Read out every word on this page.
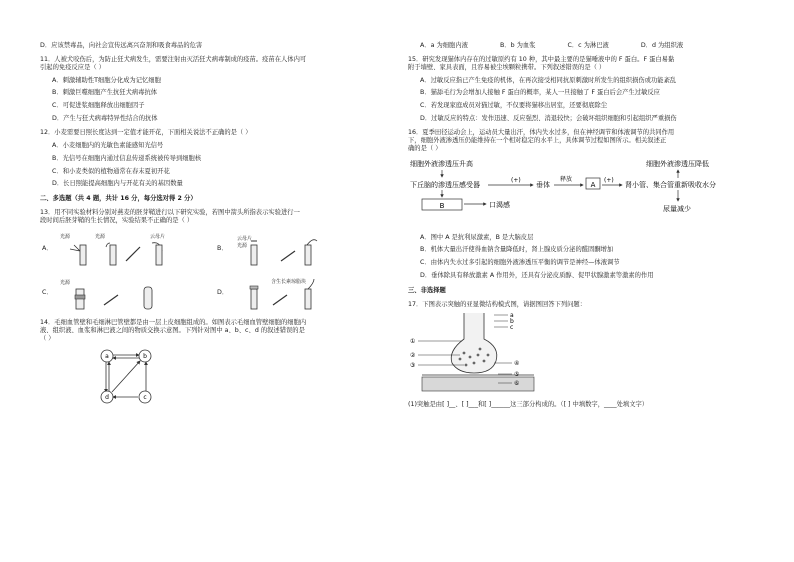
D．应该禁毒品，向社会宣传远离兴奋剂和吸食毒品的危害

11．人被犬咬伤后，为防止狂犬病发生，需要注射由灭活狂犬病毒制成的疫苗。疫苗在人体内可

引起的免疫反应是（ ）

A．刺激辅助性T细胞分化成为记忆细胞

B．刺激巨噬细胞产生抗狂犬病毒抗体

C．可促进浆细胞释放出细胞因子

D．产生与狂犬病毒特异性结合的抗体

12．小麦需要日照长度达到一定值才能开花，下面相关说法不正确的是（ ）

A．小麦细胞内的光敏色素能感知光信号

B．光信号在细胞内通过信息传递系统被传导到细胞核

C．和小麦类似的植物通常在春末夏初开花

D．长日照能提高细胞内与开花有关的基因数量

二、多选题（共 4 题，共计 16 分，每分选对得 2 分）

13．用不同实验材料分别对燕麦的胚芽鞘进行以下研究实验，若图中箭头所指表示实验进行一

段时间后胚芽鞘的生长情况，实验结果不正确的是（ ）

A．
光源	光源	云母片
B．
云母片
光源
C．
光源
D．
含生长素琼脂块

14．毛细血管壁和毛细淋巴管壁都是由一层上皮细胞组成的。如图表示毛细血管壁细胞的细胞内

液、组织液、血浆和淋巴液之间的物质交换示意图。下列针对图中 a、b、c、d 的叙述错误的是

（ ）

a	b
c
d
A．a 为细胞内液	B．b 为血浆	C．c 为淋巴液	D．d 为组织液

15．研究发现猫体内存在的过敏原约有 10 种，其中最主要的是猫唾液中的 F 蛋白。F 蛋白易黏

附于墙壁、家具表面，且容易被尘埃颗粒携带。下列叙述错误的是（ ）

A．过敏反应指已产生免疫的机体，在再次接受相同抗原刺激时所发生的组织损伤或功能紊乱

B．猫舔毛行为会增加人接触 F 蛋白的概率，某人一旦接触了 F 蛋白后会产生过敏反应

C．若发现家庭成员对猫过敏，不仅要将猫移出居室，还要彻底除尘

D．过敏反应的特点：发作迅速、反应强烈、消退较快；会破坏组织细胞和引起组织严重损伤

16．夏季田径运动会上，运动员大量出汗，体内失水过多，但在神经调节和体液调节的共同作用

下，细胞外液渗透压仍能维持在一个相对稳定的水平上，具体调节过程如图所示。相关叙述正

确的是（ ）

细胞外液渗透压升高
下丘脑的渗透压感受器
(+)
垂体
释放
A
(+)
肾小管、集合管重新吸收水分
细胞外液渗透压降低
尿量减少
B	口渴感

A．图中 A 是抗利尿激素，B 是大脑皮层

B．机体大量出汗使得血钠含量降低时，肾上腺皮质分泌的醛固酮增加

C．由体内失水过多引起的细胞外液渗透压平衡的调节是神经—体液调节

D．垂体除具有释放激素 A 作用外，还具有分泌皮质醇、促甲状腺激素等激素的作用

三、非选择题

17．下图表示突触的亚显微结构模式图，请据图回答下列问题：

a
b
c
①
②
③	④
⑤
⑥

(1)突触是由[ ]__、[ ]___和[ ]______这三部分构成的。（[ ] 中填数字，____处填文字）
